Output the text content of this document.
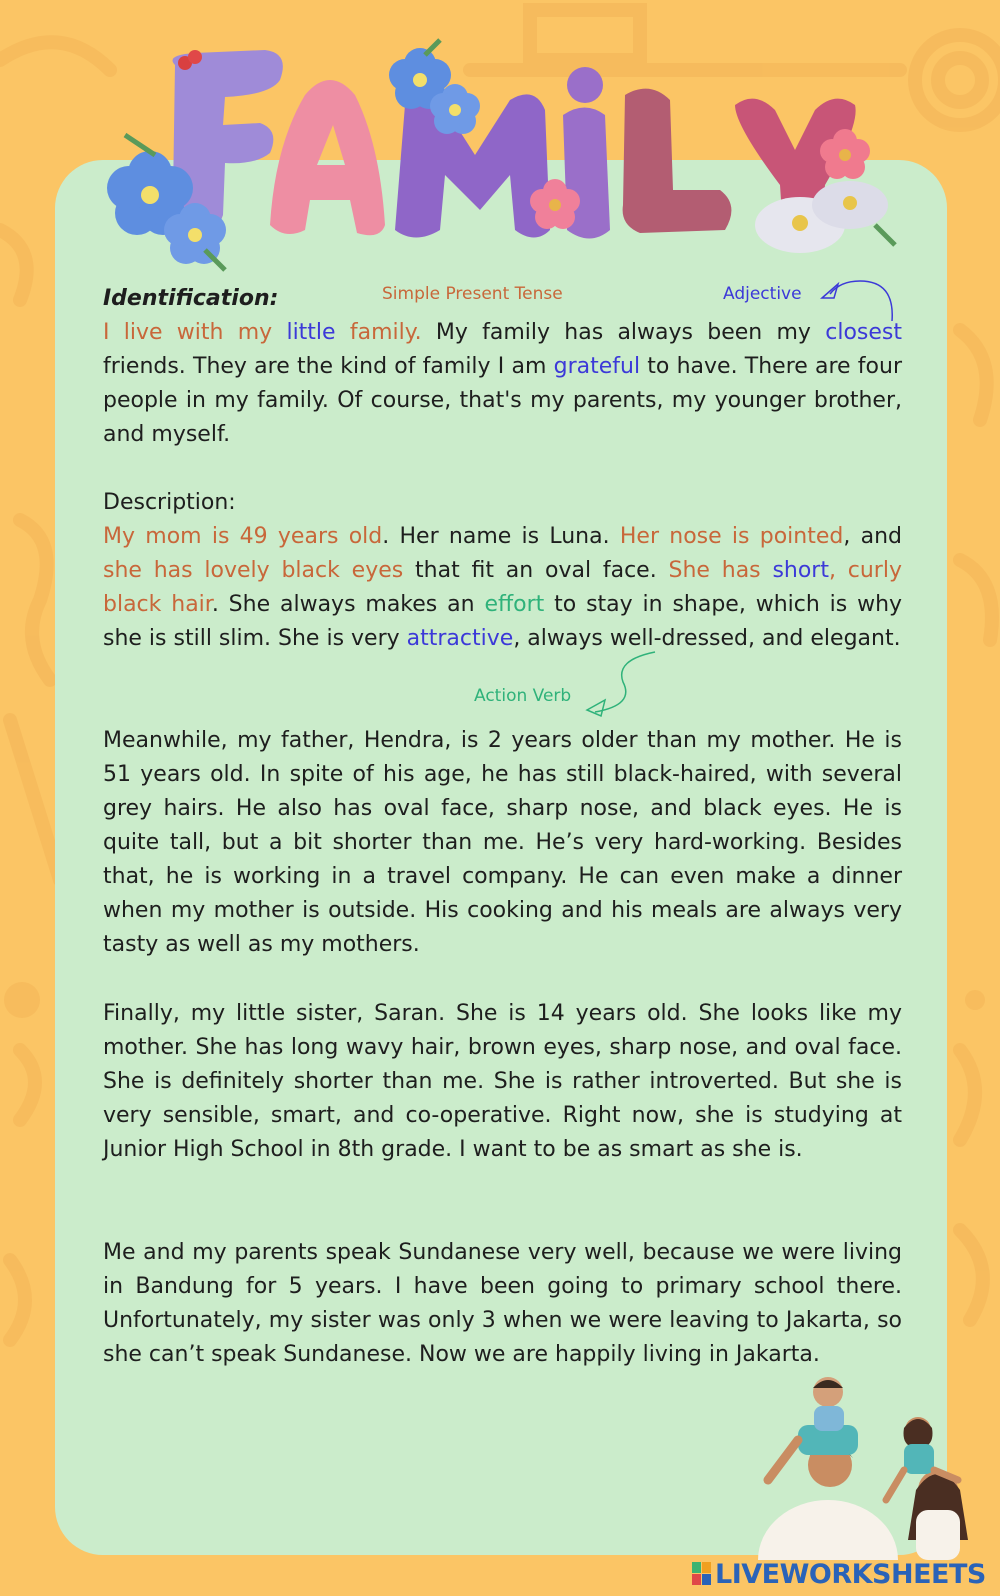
Simple Present Tense	Adjective
Action Verb

Identification:

I live with my little family. My family has always been my closest friends. They are the kind of family I am grateful to have. There are four people in my family. Of course, that's my parents, my younger brother, and myself.

Description:

My mom is 49 years old. Her name is Luna. Her nose is pointed, and she has lovely black eyes that fit an oval face. She has short, curly black hair. She always makes an effort to stay in shape, which is why she is still slim. She is very attractive, always well-dressed, and elegant.

Meanwhile, my father, Hendra, is 2 years older than my mother. He is 51 years old. In spite of his age, he has still black-haired, with several grey hairs. He also has oval face, sharp nose, and black eyes. He is quite tall, but a bit shorter than me. He’s very hard-working. Besides that, he is working in a travel company. He can even make a dinner when my mother is outside. His cooking and his meals are always very tasty as well as my mothers.

Finally, my little sister, Saran. She is 14 years old. She looks like my mother. She has long wavy hair, brown eyes, sharp nose, and oval face. She is definitely shorter than me. She is rather introverted. But she is very sensible, smart, and co-operative. Right now, she is studying at Junior High School in 8th grade. I want to be as smart as she is.

Me and my parents speak Sundanese very well, because we were living in Bandung for 5 years. I have been going to primary school there. Unfortunately, my sister was only 3 when we were leaving to Jakarta, so she can’t speak Sundanese. Now we are happily living in Jakarta.

LIVEWORKSHEETS
